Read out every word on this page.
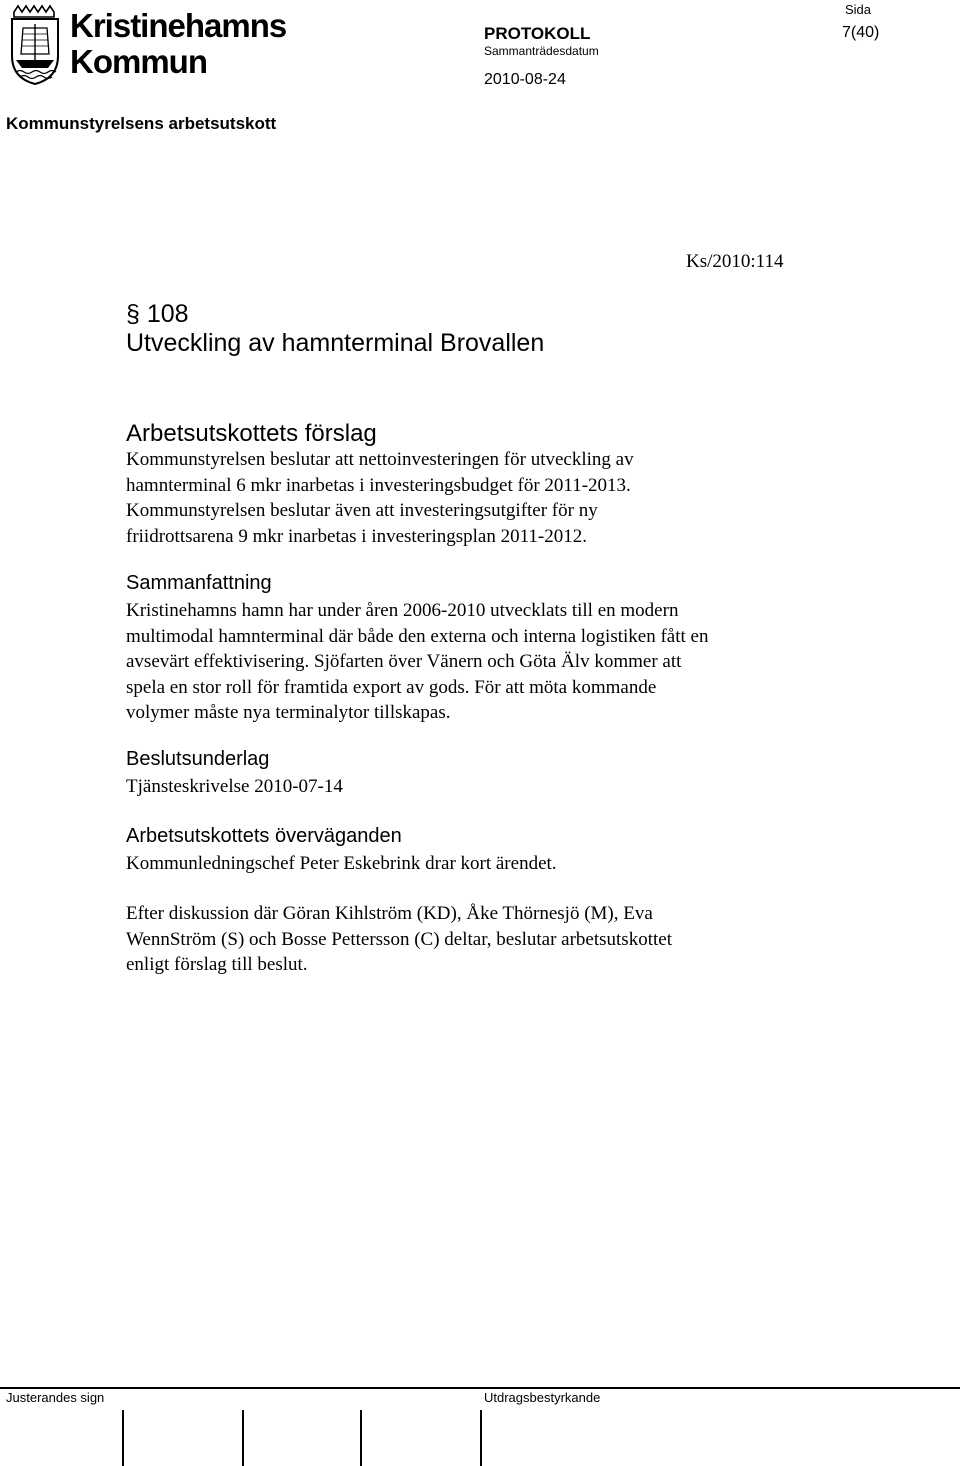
Kristinehamns
Kommun
Sida
7(40)
PROTOKOLL
Sammanträdesdatum
2010-08-24
Kommunstyrelsens arbetsutskott
Ks/2010:114
§ 108
Utveckling av hamnterminal Brovallen
Arbetsutskottets förslag
Kommunstyrelsen beslutar att nettoinvesteringen för utveckling av
hamnterminal 6 mkr inarbetas i investeringsbudget för 2011-2013.
Kommunstyrelsen beslutar även att investeringsutgifter för ny
friidrottsarena 9 mkr inarbetas i investeringsplan 2011-2012.
Sammanfattning
Kristinehamns hamn har under åren 2006-2010 utvecklats till en modern
multimodal hamnterminal där både den externa och interna logistiken fått en
avsevärt effektivisering. Sjöfarten över Vänern och Göta Älv kommer att
spela en stor roll för framtida export av gods. För att möta kommande
volymer måste nya terminalytor tillskapas.
Beslutsunderlag
Tjänsteskrivelse 2010-07-14
Arbetsutskottets överväganden
Kommunledningschef Peter Eskebrink drar kort ärendet.
Efter diskussion där Göran Kihlström (KD), Åke Thörnesjö (M), Eva
WennStröm (S) och Bosse Pettersson (C) deltar, beslutar arbetsutskottet
enligt förslag till beslut.
Justerandes sign	Utdragsbestyrkande
